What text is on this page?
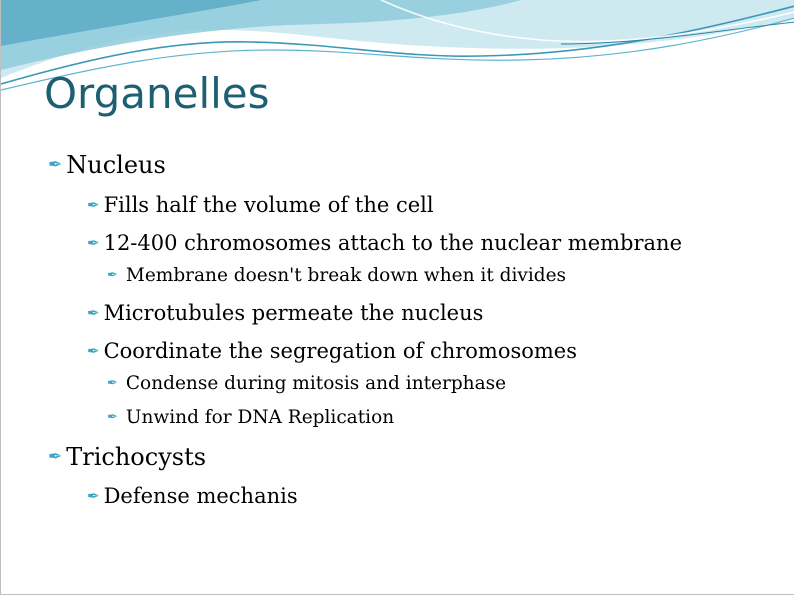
Organelles
✒ Nucleus
✒ Fills half the volume of the cell
✒ 12-400 chromosomes attach to the nuclear membrane
✒ Membrane doesn't break down when it divides
✒ Microtubules permeate the nucleus
✒ Coordinate the segregation of chromosomes
✒ Condense during mitosis and interphase
✒ Unwind for DNA Replication
✒ Trichocysts
✒ Defense mechanis
